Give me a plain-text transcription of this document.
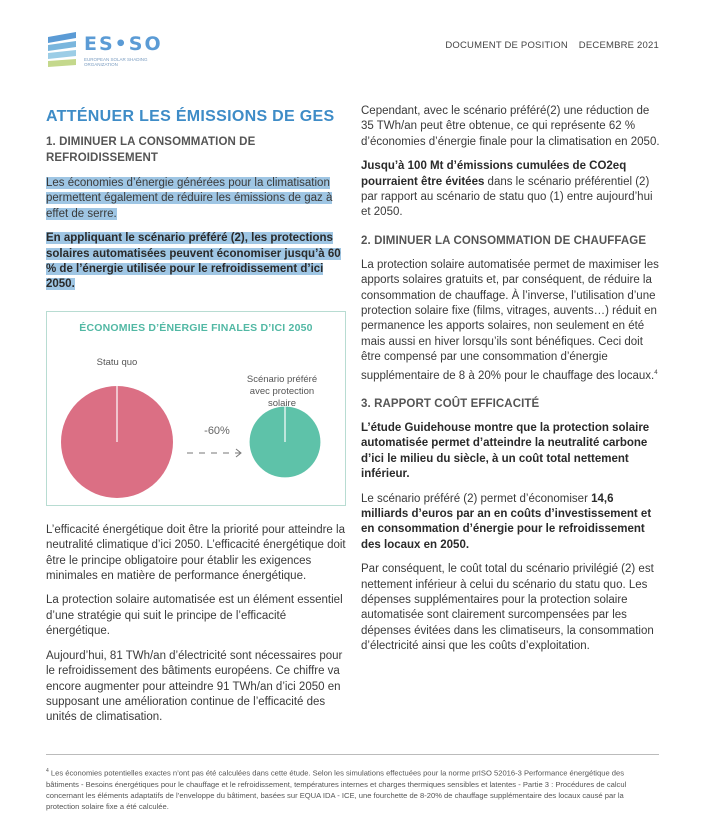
ES•SO
EUROPEAN SOLAR SHADING ORGANIZATION
DOCUMENT DE POSITION DECEMBRE 2021
ATTÉNUER LES ÉMISSIONS DE GES
1. DIMINUER LA CONSOMMATION DE REFROIDISSEMENT

Les économies d’énergie générées pour la climatisation permettent également de réduire les émissions de gaz à effet de serre.

En appliquant le scénario préféré (2), les protections solaires automatisées peuvent économiser jusqu’à 60 % de l’énergie utilisée pour le refroidissement d’ici 2050.

ÉCONOMIES D’ÉNERGIE FINALES D’ICI 2050
Statu quo
Scénario préféré avec protection solaire
-60%

L’efficacité énergétique doit être la priorité pour atteindre la neutralité climatique d’ici 2050. L’efficacité énergétique doit être le principe obligatoire pour établir les exigences minimales en matière de performance énergétique.

La protection solaire automatisée est un élément essentiel d’une stratégie qui suit le principe de l’efficacité énergétique.

Aujourd’hui, 81 TWh/an d’électricité sont nécessaires pour le refroidissement des bâtiments européens. Ce chiffre va encore augmenter pour atteindre 91 TWh/an d’ici 2050 en supposant une amélioration continue de l’efficacité des unités de climatisation.

Cependant, avec le scénario préféré(2) une réduction de 35 TWh/an peut être obtenue, ce qui représente 62 % d’économies d’énergie finale pour la climatisation en 2050.

Jusqu’à 100 Mt d’émissions cumulées de CO2eq pourraient être évitées dans le scénario préférentiel (2) par rapport au scénario de statu quo (1) entre aujourd’hui et 2050.

2. DIMINUER LA CONSOMMATION DE CHAUFFAGE

La protection solaire automatisée permet de maximiser les apports solaires gratuits et, par conséquent, de réduire la consommation de chauffage. À l’inverse, l’utilisation d’une protection solaire fixe (films, vitrages, auvents…) réduit en permanence les apports solaires, non seulement en été mais aussi en hiver lorsqu’ils sont bénéfiques. Ceci doit être compensé par une consommation d’énergie supplémentaire de 8 à 20% pour le chauffage des locaux.$^4$

3. RAPPORT COÛT EFFICACITÉ

L’étude Guidehouse montre que la protection solaire automatisée permet d’atteindre la neutralité carbone d’ici le milieu du siècle, à un coût total nettement inférieur.

Le scénario préféré (2) permet d’économiser 14,6 milliards d’euros par an en coûts d’investissement et en consommation d’énergie pour le refroidissement des locaux en 2050.

Par conséquent, le coût total du scénario privilégié (2) est nettement inférieur à celui du scénario du statu quo. Les dépenses supplémentaires pour la protection solaire automatisée sont clairement surcompensées par les dépenses évitées dans les climatiseurs, la consommation d’électricité ainsi que les coûts d’exploitation.

$^4$ Les économies potentielles exactes n’ont pas été calculées dans cette étude. Selon les simulations effectuées pour la norme prISO 52016-3 Performance énergétique des bâtiments - Besoins énergétiques pour le chauffage et le refroidissement, températures internes et charges thermiques sensibles et latentes - Partie 3 : Procédures de calcul concernant les éléments adaptatifs de l’enveloppe du bâtiment, basées sur EQUA IDA - ICE, une fourchette de 8-20% de chauffage supplémentaire des locaux causé par la protection solaire fixe a été calculée.
